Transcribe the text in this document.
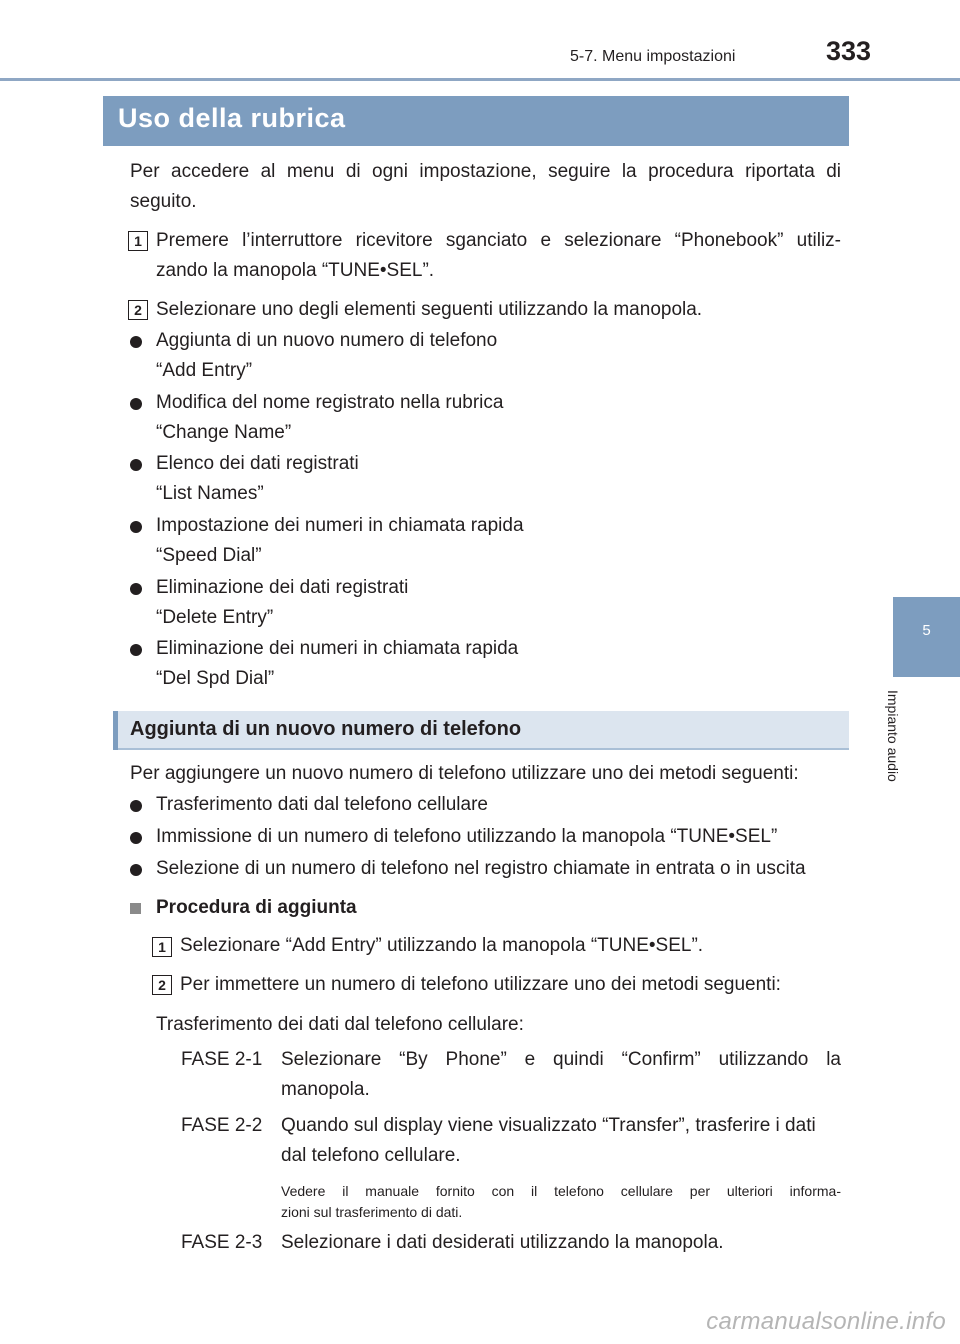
5-7. Menu impostazioni	333
5
Impianto audio
Uso della rubrica
Per accedere al menu di ogni impostazione, seguire la procedura riportata di
seguito.
1 Premere l’interruttore ricevitore sganciato e selezionare “Phonebook” utiliz-
zando la manopola “TUNE•SEL”.
2 Selezionare uno degli elementi seguenti utilizzando la manopola.
Aggiunta di un nuovo numero di telefono
“Add Entry”
Modifica del nome registrato nella rubrica
“Change Name”
Elenco dei dati registrati
“List Names”
Impostazione dei numeri in chiamata rapida
“Speed Dial”
Eliminazione dei dati registrati
“Delete Entry”
Eliminazione dei numeri in chiamata rapida
“Del Spd Dial”
Aggiunta di un nuovo numero di telefono
Per aggiungere un nuovo numero di telefono utilizzare uno dei metodi seguenti:
Trasferimento dati dal telefono cellulare
Immissione di un numero di telefono utilizzando la manopola “TUNE•SEL”
Selezione di un numero di telefono nel registro chiamate in entrata o in uscita
Procedura di aggiunta
1 Selezionare “Add Entry” utilizzando la manopola “TUNE•SEL”.
2 Per immettere un numero di telefono utilizzare uno dei metodi seguenti:
Trasferimento dei dati dal telefono cellulare:
FASE 2-1 Selezionare “By Phone” e quindi “Confirm” utilizzando la
manopola.
FASE 2-2 Quando sul display viene visualizzato “Transfer”, trasferire i dati
dal telefono cellulare.
Vedere il manuale fornito con il telefono cellulare per ulteriori informa-
zioni sul trasferimento di dati.
FASE 2-3 Selezionare i dati desiderati utilizzando la manopola.
carmanualsonline.info
